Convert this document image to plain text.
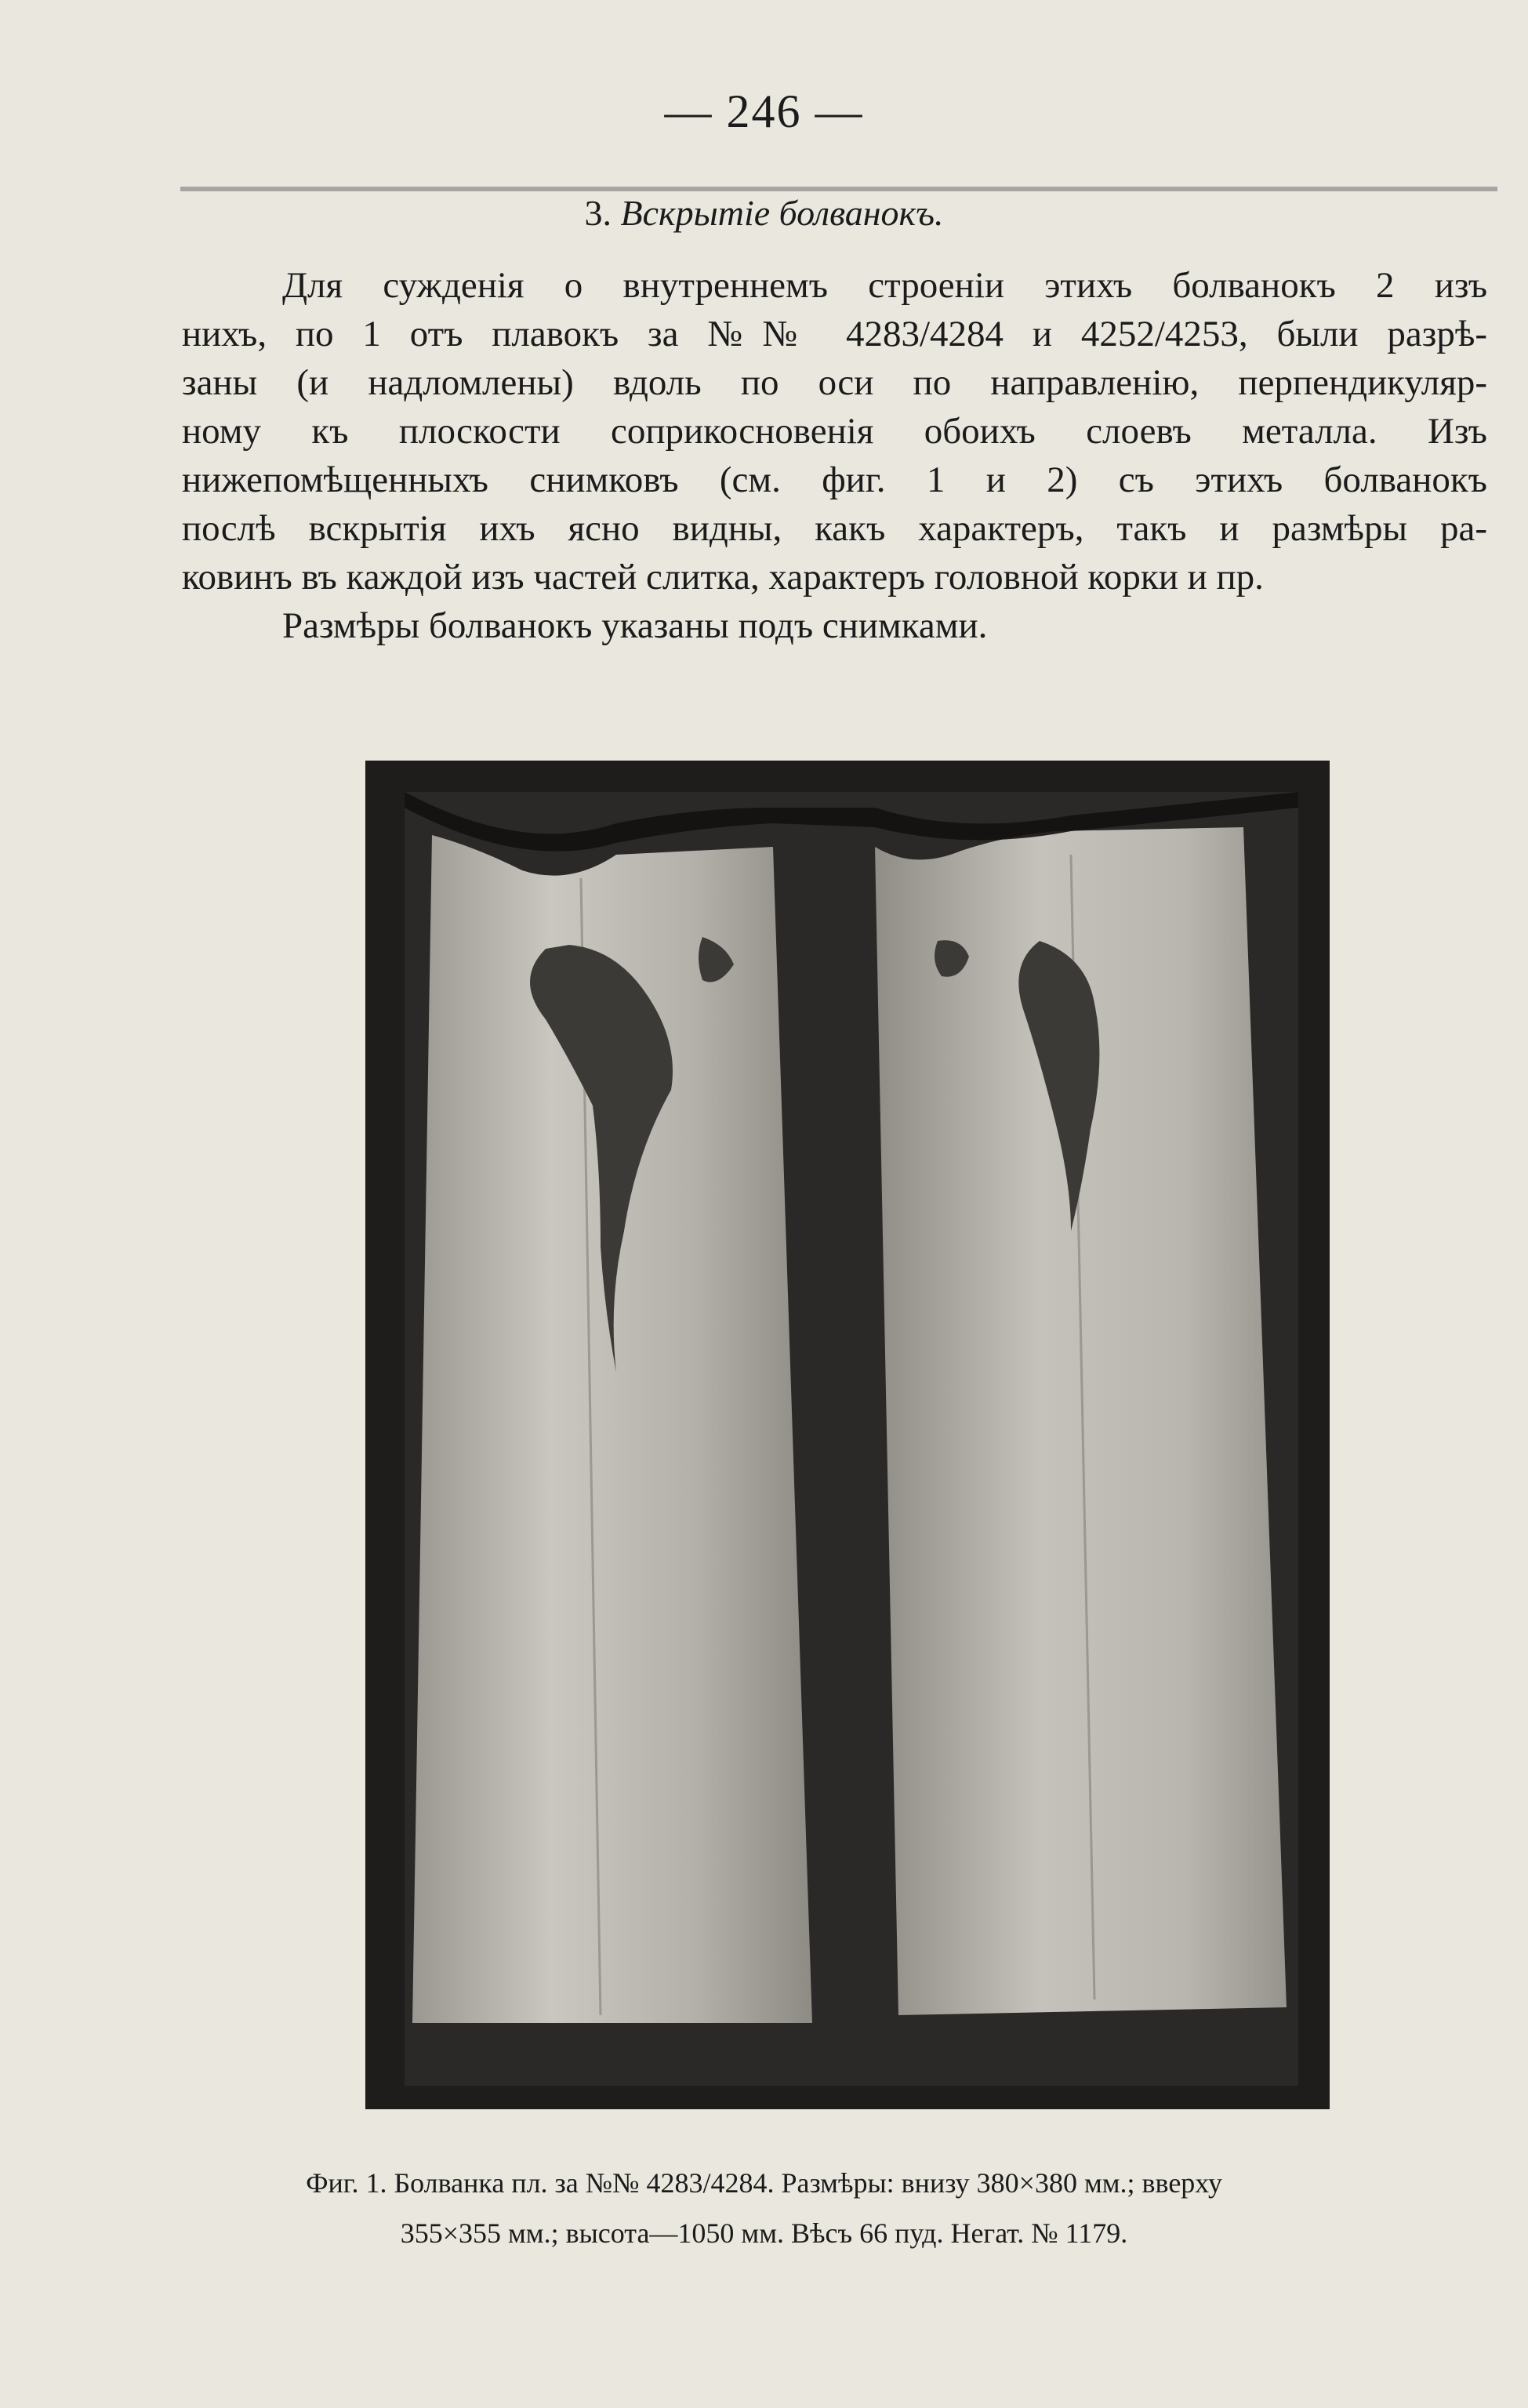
— 246 —
3. Вскрытіе болванокъ.
Для сужденія о внутреннемъ строеніи этихъ болванокъ 2 изъ
нихъ, по 1 отъ плавокъ за №№ 4283/4284 и 4252/4253, были разрѣ-
заны (и надломлены) вдоль по оси по направленію, перпендикуляр-
ному къ плоскости соприкосновенія обоихъ слоевъ металла. Изъ
нижепомѣщенныхъ снимковъ (см. фиг. 1 и 2) съ этихъ болванокъ
послѣ вскрытія ихъ ясно видны, какъ характеръ, такъ и размѣры ра-
ковинъ въ каждой изъ частей слитка, характеръ головной корки и пр.
Размѣры болванокъ указаны подъ снимками.
Фиг. 1. Болванка пл. за №№ 4283/4284. Размѣры: внизу 380×380 мм.; вверху
355×355 мм.; высота—1050 мм. Вѣсъ 66 пуд. Негат. № 1179.
